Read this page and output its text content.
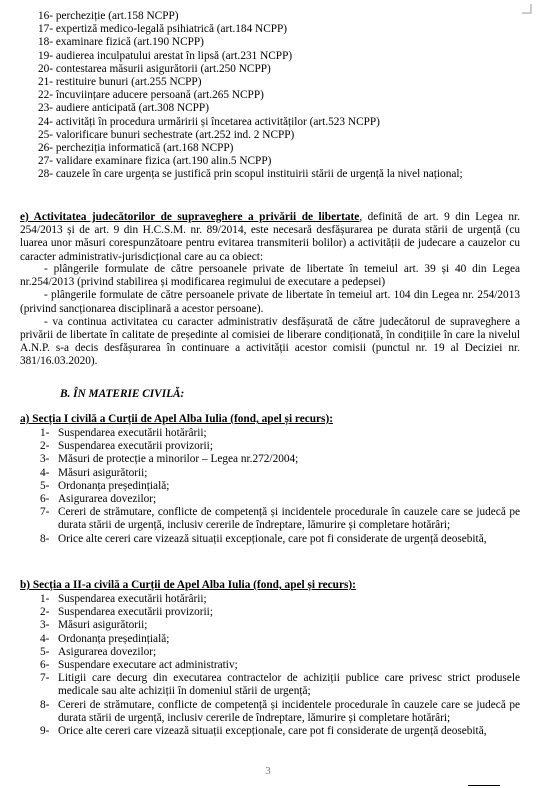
16- percheziție (art.158 NCPP)
17- expertiză medico-legală psihiatrică (art.184 NCPP)
18- examinare fizică (art.190 NCPP)
19- audierea inculpatului arestat în lipsă (art.231 NCPP)
20- contestarea măsurii asigurătorii (art.250 NCPP)
21- restituire bunuri (art.255 NCPP)
22- încuviințare aducere persoană (art.265 NCPP)
23- audiere anticipată (art.308 NCPP)
24- activități în procedura urmăririi și încetarea activităților (art.523 NCPP)
25- valorificare bunuri sechestrate (art.252 ind. 2 NCPP)
26- percheziția informatică (art.168 NCPP)
27- validare examinare fizica (art.190 alin.5 NCPP)
28- cauzele în care urgența se justifică prin scopul instituirii stării de urgență la nivel național;
e) Activitatea judecătorilor de supraveghere a privării de libertate, definită de art. 9 din Legea nr. 254/2013 și de art. 9 din H.C.S.M. nr. 89/2014, este necesară desfășurarea pe durata stării de urgență (cu luarea unor măsuri corespunzătoare pentru evitarea transmiterii bolilor) a activității de judecare a cauzelor cu caracter administrativ-jurisdicțional care au ca obiect:
- plângerile formulate de către persoanele private de libertate în temeiul art. 39 și 40 din Legea nr.254/2013 (privind stabilirea și modificarea regimului de executare a pedepsei)
- plângerile formulate de către persoanele private de libertate în temeiul art. 104 din Legea nr. 254/2013 (privind sancționarea disciplinară a acestor persoane).
- va continua activitatea cu caracter administrativ desfășurată de către judecătorul de supraveghere a privării de libertate în calitate de președinte al comisiei de liberare condiționată, în condițiile în care la nivelul A.N.P. s-a decis desfășurarea în continuare a activității acestor comisii (punctul nr. 19 al Deciziei nr. 381/16.03.2020).
B. ÎN MATERIE CIVILĂ:
a) Secția I civilă a Curții de Apel Alba Iulia (fond, apel și recurs):
1- Suspendarea executării hotărârii;
2- Suspendarea executării provizorii;
3- Măsuri de protecție a minorilor – Legea nr.272/2004;
4- Măsuri asigurătorii;
5- Ordonanța președințială;
6- Asigurarea dovezilor;
7- Cereri de strămutare, conflicte de competență și incidentele procedurale în cauzele care se judecă pe durata stării de urgență, inclusiv cererile de îndreptare, lămurire și completare hotărâri;
8- Orice alte cereri care vizează situații excepționale, care pot fi considerate de urgență deosebită,
b) Secția a II-a civilă a Curții de Apel Alba Iulia (fond, apel și recurs):
1- Suspendarea executării hotărârii;
2- Suspendarea executării provizorii;
3- Măsuri asigurătorii;
4- Ordonanța președințială;
5- Asigurarea dovezilor;
6- Suspendare executare act administrativ;
7- Litigii care decurg din executarea contractelor de achiziții publice care privesc strict produsele medicale sau alte achiziții în domeniul stării de urgență;
8- Cereri de strămutare, conflicte de competență și incidentele procedurale în cauzele care se judecă pe durata stării de urgență, inclusiv cererile de îndreptare, lămurire și completare hotărâri;
9- Orice alte cereri care vizează situații excepționale, care pot fi considerate de urgență deosebită,
3
